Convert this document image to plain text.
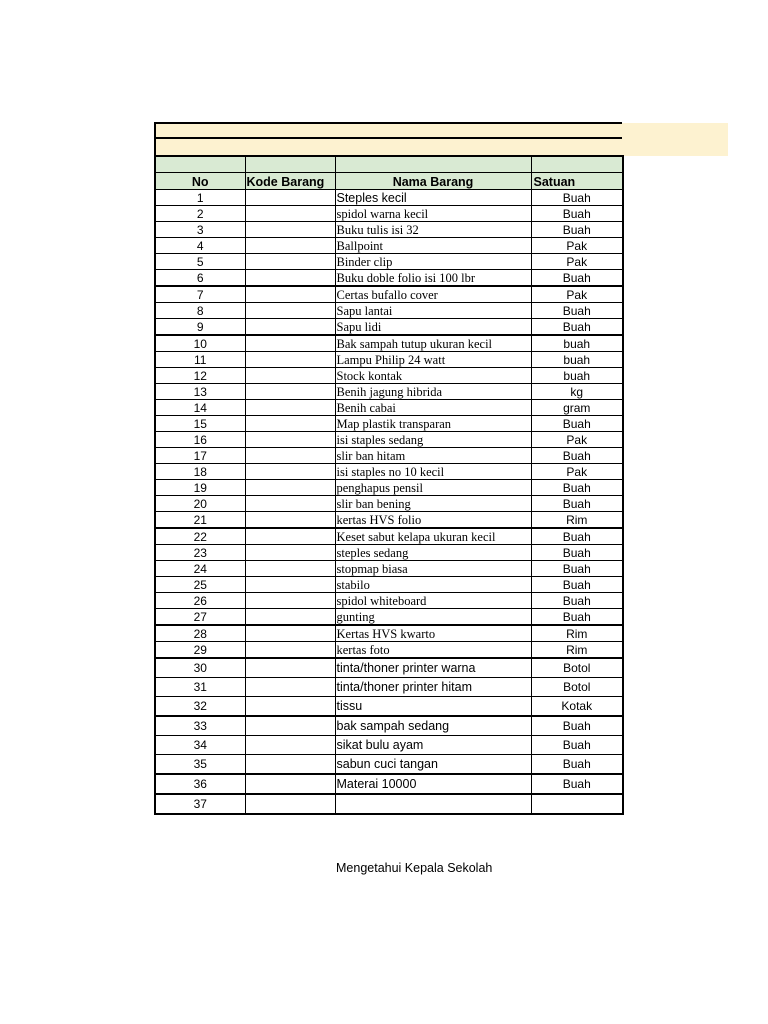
No	Kode Barang	Nama Barang	Satuan
1		Steples kecil	Buah
2		spidol warna kecil	Buah
3		Buku tulis isi 32	Buah
4		Ballpoint	Pak
5		Binder clip	Pak
6		Buku doble folio isi 100 lbr	Buah
7		Certas bufallo cover	Pak
8		Sapu lantai	Buah
9		Sapu lidi	Buah
10		Bak sampah tutup ukuran kecil	buah
11		Lampu Philip 24 watt	buah
12		Stock kontak	buah
13		Benih jagung hibrida	kg
14		Benih cabai	gram
15		Map plastik transparan	Buah
16		isi staples sedang	Pak
17		slir ban hitam	Buah
18		isi staples no 10 kecil	Pak
19		penghapus pensil	Buah
20		slir ban bening	Buah
21		kertas HVS folio	Rim
22		Keset sabut kelapa ukuran kecil	Buah
23		steples sedang	Buah
24		stopmap biasa	Buah
25		stabilo	Buah
26		spidol whiteboard	Buah
27		gunting	Buah
28		Kertas HVS kwarto	Rim
29		kertas foto	Rim
30		tinta/thoner printer warna	Botol
31		tinta/thoner printer hitam	Botol
32		tissu	Kotak
33		bak sampah sedang	Buah
34		sikat bulu ayam	Buah
35		sabun cuci tangan	Buah
36		Materai 10000	Buah
37			
Mengetahui Kepala Sekolah
